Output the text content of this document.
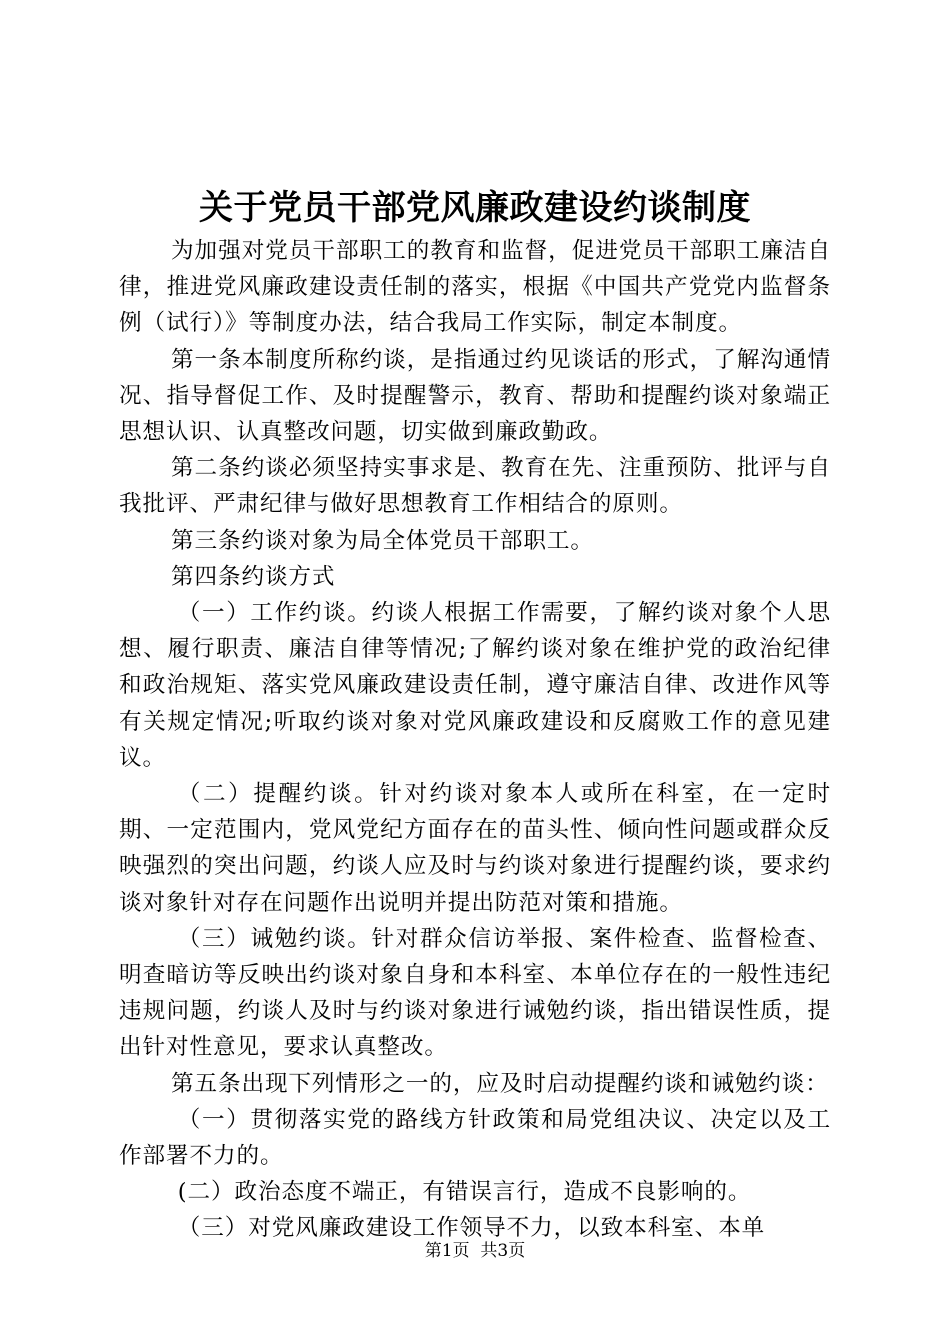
关于党员干部党风廉政建设约谈制度

为加强对党员干部职工的教育和监督，促进党员干部职工廉洁自律，推进党风廉政建设责任制的落实，根据《中国共产党党内监督条例（试行）》等制度办法，结合我局工作实际，制定本制度。

第一条本制度所称约谈，是指通过约见谈话的形式，了解沟通情况、指导督促工作、及时提醒警示，教育、帮助和提醒约谈对象端正思想认识、认真整改问题，切实做到廉政勤政。

第二条约谈必须坚持实事求是、教育在先、注重预防、批评与自我批评、严肃纪律与做好思想教育工作相结合的原则。

第三条约谈对象为局全体党员干部职工。

第四条约谈方式

（一）工作约谈。约谈人根据工作需要，了解约谈对象个人思想、履行职责、廉洁自律等情况;了解约谈对象在维护党的政治纪律和政治规矩、落实党风廉政建设责任制，遵守廉洁自律、改进作风等有关规定情况;听取约谈对象对党风廉政建设和反腐败工作的意见建议。

（二）提醒约谈。针对约谈对象本人或所在科室，在一定时期、一定范围内，党风党纪方面存在的苗头性、倾向性问题或群众反映强烈的突出问题，约谈人应及时与约谈对象进行提醒约谈，要求约谈对象针对存在问题作出说明并提出防范对策和措施。

（三）诫勉约谈。针对群众信访举报、案件检查、监督检查、明查暗访等反映出约谈对象自身和本科室、本单位存在的一般性违纪违规问题，约谈人及时与约谈对象进行诫勉约谈，指出错误性质，提出针对性意见，要求认真整改。

第五条出现下列情形之一的，应及时启动提醒约谈和诫勉约谈：

（一）贯彻落实党的路线方针政策和局党组决议、决定以及工作部署不力的。

(二）政治态度不端正，有错误言行，造成不良影响的。

（三）对党风廉政建设工作领导不力，以致本科室、本单

第1页  共3页
